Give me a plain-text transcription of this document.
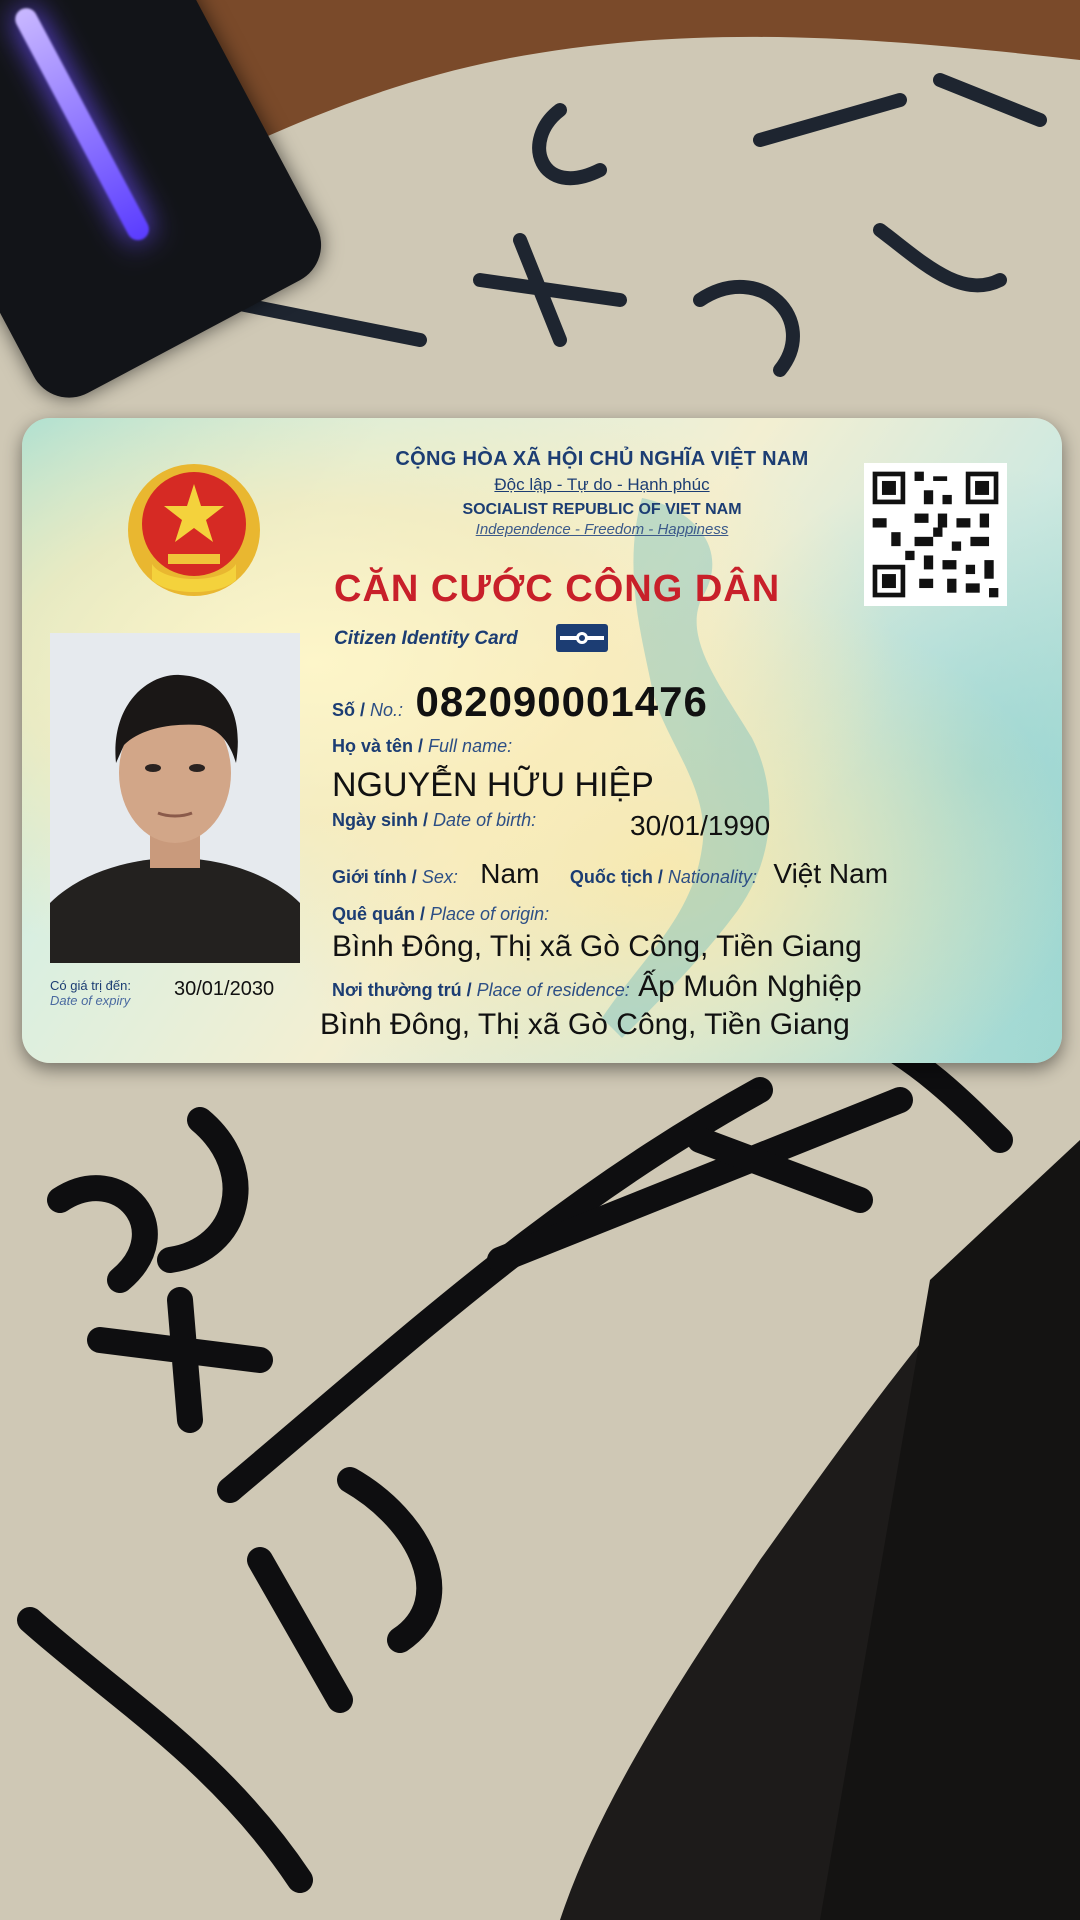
CỘNG HÒA XÃ HỘI CHỦ NGHĨA VIỆT NAM
Độc lập - Tự do - Hạnh phúc
SOCIALIST REPUBLIC OF VIET NAM
Independence - Freedom - Happiness
CĂN CƯỚC CÔNG DÂN
Citizen Identity Card
Có giá trị đến:
Date of expiry
30/01/2030
Số / No.: 082090001476
Họ và tên / Full name:
NGUYỄN HỮU HIỆP
Ngày sinh / Date of birth:	30/01/1990
Giới tính / Sex: Nam Quốc tịch / Nationality: Việt Nam
Quê quán / Place of origin:
Bình Đông, Thị xã Gò Công, Tiền Giang
Nơi thường trú / Place of residence: Ấp Muôn Nghiệp
Bình Đông, Thị xã Gò Công, Tiền Giang
